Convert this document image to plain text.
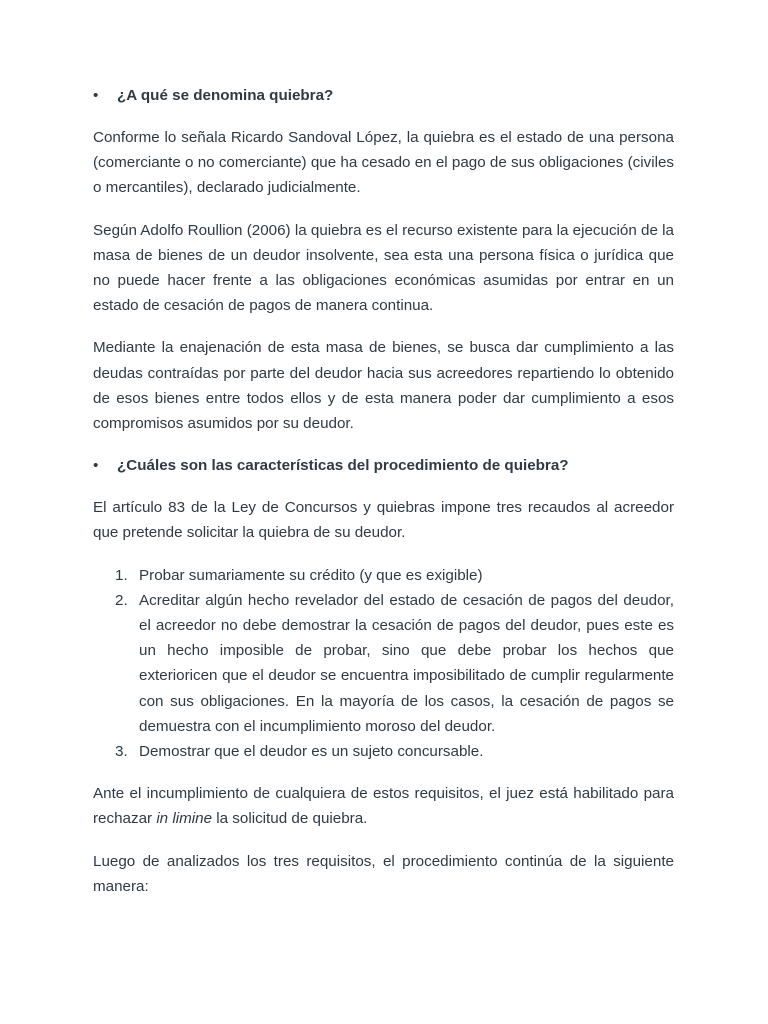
• ¿A qué se denomina quiebra?

Conforme lo señala Ricardo Sandoval López, la quiebra es el estado de una persona (comerciante o no comerciante) que ha cesado en el pago de sus obligaciones (civiles o mercantiles), declarado judicialmente.

Según Adolfo Roullion (2006) la quiebra es el recurso existente para la ejecución de la masa de bienes de un deudor insolvente, sea esta una persona física o jurídica que no puede hacer frente a las obligaciones económicas asumidas por entrar en un estado de cesación de pagos de manera continua.

Mediante la enajenación de esta masa de bienes, se busca dar cumplimiento a las deudas contraídas por parte del deudor hacia sus acreedores repartiendo lo obtenido de esos bienes entre todos ellos y de esta manera poder dar cumplimiento a esos compromisos asumidos por su deudor.

• ¿Cuáles son las características del procedimiento de quiebra?

El artículo 83 de la Ley de Concursos y quiebras impone tres recaudos al acreedor que pretende solicitar la quiebra de su deudor.

1. Probar sumariamente su crédito (y que es exigible)
2. Acreditar algún hecho revelador del estado de cesación de pagos del deudor, el acreedor no debe demostrar la cesación de pagos del deudor, pues este es un hecho imposible de probar, sino que debe probar los hechos que exterioricen que el deudor se encuentra imposibilitado de cumplir regularmente con sus obligaciones. En la mayoría de los casos, la cesación de pagos se demuestra con el incumplimiento moroso del deudor.
3. Demostrar que el deudor es un sujeto concursable.

Ante el incumplimiento de cualquiera de estos requisitos, el juez está habilitado para rechazar in limine la solicitud de quiebra.

Luego de analizados los tres requisitos, el procedimiento continúa de la siguiente manera:
